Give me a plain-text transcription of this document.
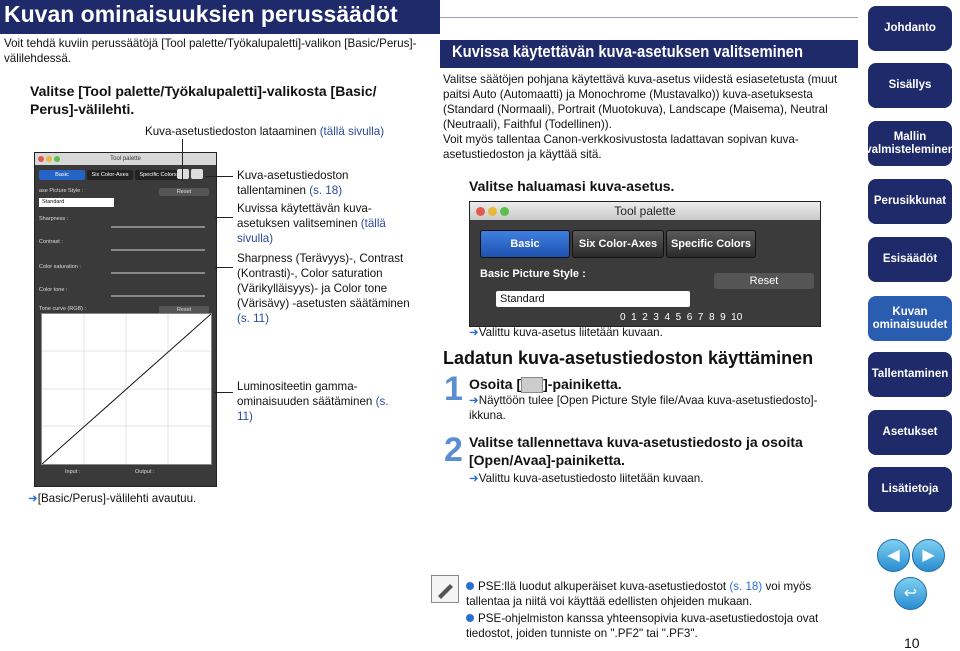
Kuvan ominaisuuksien perussäädöt
Voit tehdä kuviin perussäätöjä [Tool palette/Työkalupaletti]-valikon [Basic/Perus]-välilehdessä.
Valitse [Tool palette/Työkalupaletti]-valikosta [Basic/ Perus]-välilehti.
Kuva-asetustiedoston lataaminen (tällä sivulla)
Tool palette
Basic	Six Color-Axes	Specific Colors
ase Picture Style :	Reset
Standard
Sharpness :
Contrast :
Color saturation :
Color tone :
Tone curve (RGB) :	Reset
Input :	Output :
Kuva-asetustiedoston tallentaminen (s. 18)
Kuvissa käytettävän kuva-asetuksen valitseminen (tällä sivulla)
Sharpness (Terävyys)-, Contrast (Kontrasti)-, Color saturation (Värikylläisyys)- ja Color tone (Värisävy) -asetusten säätäminen (s. 11)
Luminositeetin gamma-ominaisuuden säätäminen (s. 11)
➜[Basic/Perus]-välilehti avautuu.
Kuvissa käytettävän kuva-asetuksen valitseminen
Valitse säätöjen pohjana käytettävä kuva-asetus viidestä esiasetetusta (muut paitsi Auto (Automaatti) ja Monochrome (Mustavalko)) kuva-asetuksesta (Standard (Normaali), Portrait (Muotokuva), Landscape (Maisema), Neutral (Neutraali), Faithful (Todellinen)).
Voit myös tallentaa Canon-verkkosivustosta ladattavan sopivan kuva-asetustiedoston ja käyttää sitä.
Valitse haluamasi kuva-asetus.
Tool palette
Basic	Six Color-Axes	Specific Colors
Basic Picture Style :
Reset
Standard
0  1  2  3  4  5  6  7  8  9  10
➜Valittu kuva-asetus liitetään kuvaan.
Ladatun kuva-asetustiedoston käyttäminen
1 Osoita [ ]-painiketta.
➜Näyttöön tulee [Open Picture Style file/Avaa kuva-asetustiedosto]-ikkuna.
2 Valitse tallennettava kuva-asetustiedosto ja osoita [Open/Avaa]-painiketta.
➜Valittu kuva-asetustiedosto liitetään kuvaan.
Johdanto
Sisällys
Mallin valmisteleminen
Perusikkunat
Esisäädöt
Kuvan ominaisuudet
Tallentaminen
Asetukset
Lisätietoja
◀	▶
↩
PSE:llä luodut alkuperäiset kuva-asetustiedostot (s. 18) voi myös tallentaa ja niitä voi käyttää edellisten ohjeiden mukaan.
PSE-ohjelmiston kanssa yhteensopivia kuva-asetustiedostoja ovat tiedostot, joiden tunniste on ".PF2" tai ".PF3".
10
